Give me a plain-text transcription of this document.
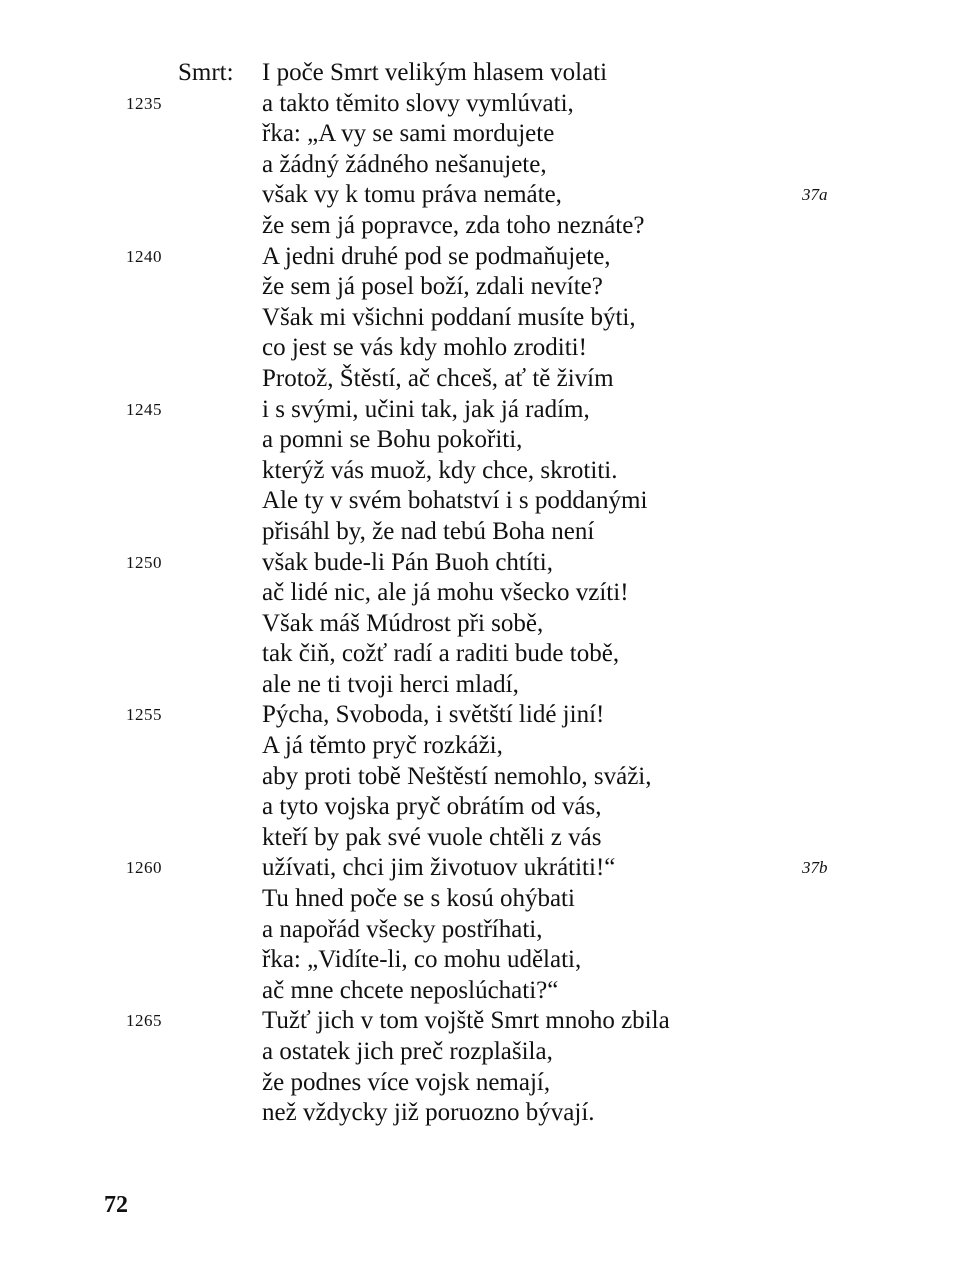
Smrt: I poče Smrt velikým hlasem volati
1235	a takto těmito slovy vymlúvati,
řka: „A vy se sami mordujete
a žádný žádného nešanujete,
však vy k tomu práva nemáte,	37a
že sem já popravce, zda toho neznáte?
1240	A jedni druhé pod se podmaňujete,
že sem já posel boží, zdali nevíte?
Však mi všichni poddaní musíte býti,
co jest se vás kdy mohlo zroditi!
Protož, Štěstí, ač chceš, ať tě živím
1245	i s svými, učini tak, jak já radím,
a pomni se Bohu pokořiti,
kterýž vás muož, kdy chce, skrotiti.
Ale ty v svém bohatství i s poddanými
přisáhl by, že nad tebú Boha není
1250	však bude-li Pán Buoh chtíti,
ač lidé nic, ale já mohu všecko vzíti!
Však máš Múdrost při sobě,
tak čiň, cožť radí a raditi bude tobě,
ale ne ti tvoji herci mladí,
1255	Pýcha, Svoboda, i světští lidé jiní!
A já těmto pryč rozkáži,
aby proti tobě Neštěstí nemohlo, sváži,
a tyto vojska pryč obrátím od vás,
kteří by pak své vuole chtěli z vás
1260	užívati, chci jim životuov ukrátiti!“	37b
Tu hned poče se s kosú ohýbati
a napořád všecky postříhati,
řka: „Vidíte-li, co mohu udělati,
ač mne chcete neposlúchati?“
1265	Tužť jich v tom vojště Smrt mnoho zbila
a ostatek jich preč rozplašila,
že podnes více vojsk nemají,
než vždycky již poruozno bývají.
72
